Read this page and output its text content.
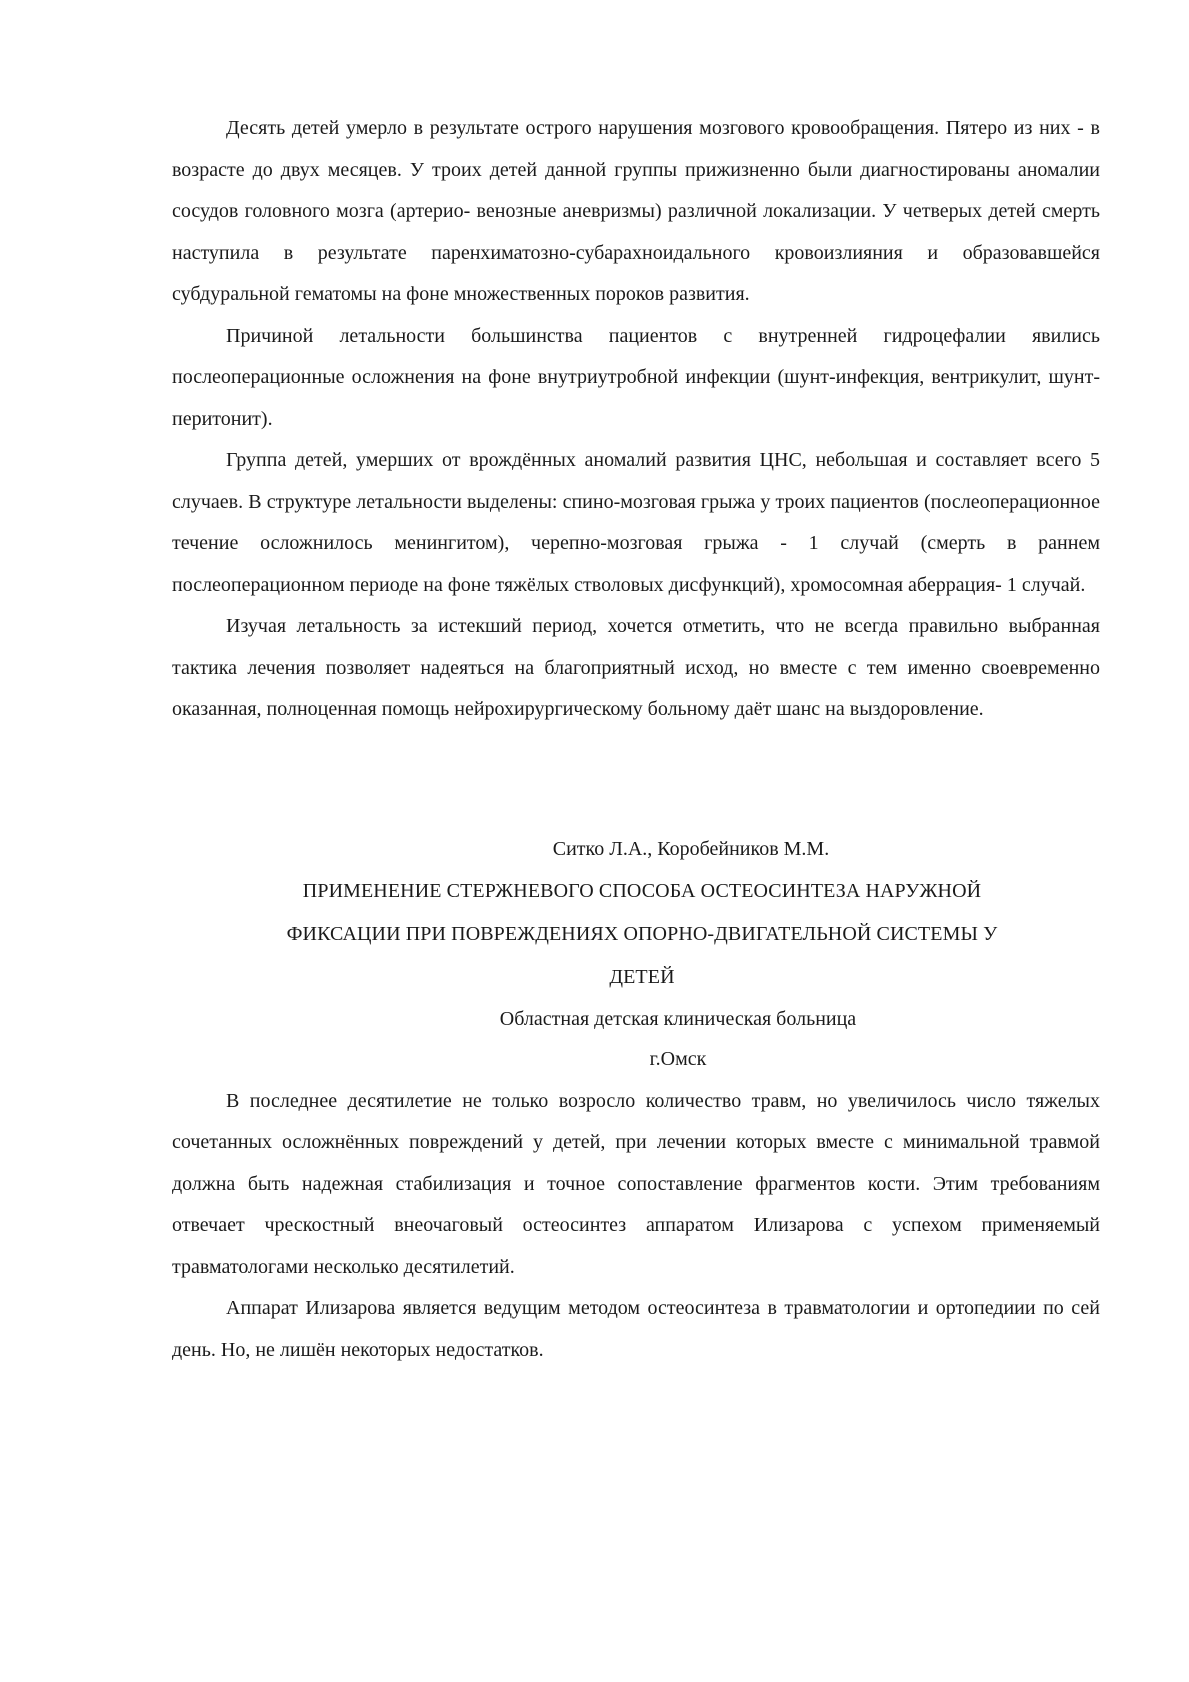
Десять детей умерло в результате острого нарушения мозгового кровообращения. Пятеро из них - в возрасте до двух месяцев. У троих детей данной группы прижизненно были диагностированы аномалии сосудов головного мозга (артерио- венозные аневризмы) различной локализации. У четверых детей смерть наступила в результате паренхиматозно-субарахноидального кровоизлияния и образовавшейся субдуральной гематомы на фоне множественных пороков развития.

Причиной летальности большинства пациентов с внутренней гидроцефалии явились послеоперационные осложнения на фоне внутриутробной инфекции (шунт-инфекция, вентрикулит, шунт-перитонит).

Группа детей, умерших от врождённых аномалий развития ЦНС, небольшая и составляет всего 5 случаев. В структуре летальности выделены: спино-мозговая грыжа у троих пациентов (послеоперационное течение осложнилось менингитом), черепно-мозговая грыжа - 1 случай (смерть в раннем послеоперационном периоде на фоне тяжёлых стволовых дисфункций), хромосомная аберрация- 1 случай.

Изучая летальность за истекший период, хочется отметить, что не всегда правильно выбранная тактика лечения позволяет надеяться на благоприятный исход, но вместе с тем именно своевременно оказанная, полноценная помощь нейрохирургическому больному даёт шанс на выздоровление.

Ситко Л.А., Коробейников М.М.

ПРИМЕНЕНИЕ СТЕРЖНЕВОГО СПОСОБА ОСТЕОСИНТЕЗА НАРУЖНОЙ

ФИКСАЦИИ ПРИ ПОВРЕЖДЕНИЯХ ОПОРНО-ДВИГАТЕЛЬНОЙ СИСТЕМЫ У

ДЕТЕЙ

Областная детская клиническая больница

г.Омск

В последнее десятилетие не только возросло количество травм, но увеличилось число тяжелых сочетанных осложнённых повреждений у детей, при лечении которых вместе с минимальной травмой должна быть надежная стабилизация и точное сопоставление фрагментов кости. Этим требованиям отвечает чрескостный внеочаговый остеосинтез аппаратом Илизарова с успехом применяемый травматологами несколько десятилетий.

Аппарат Илизарова является ведущим методом остеосинтеза в травматологии и ортопедиии по сей день. Но, не лишён некоторых недостатков.
